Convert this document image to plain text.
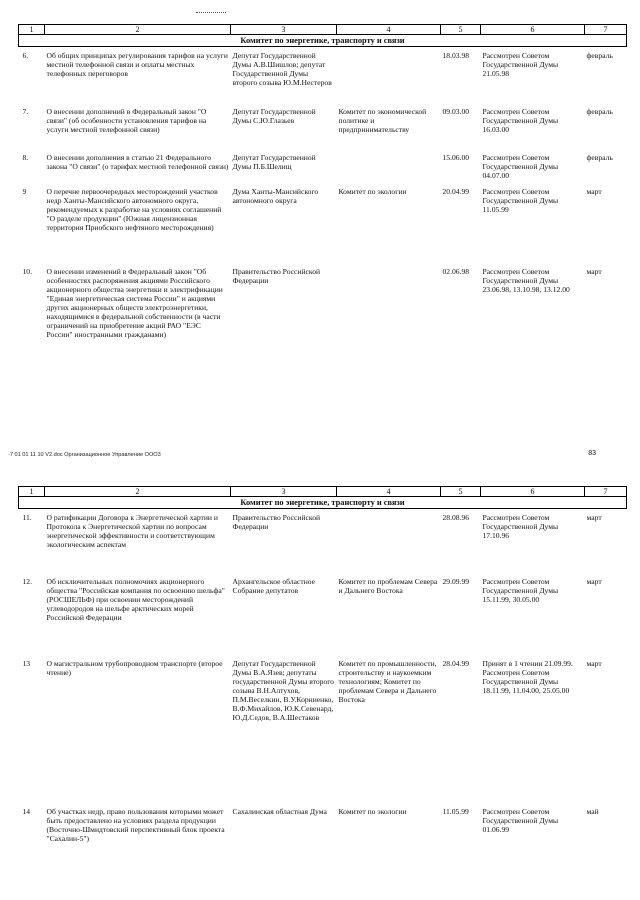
1	2	3	4	5	6	7
Комитет по энергетике, транспорту и связи						
6.	Об общих принципах регулирования тарифов на услуги местной телефонной связи и оплаты местных телефонных переговоров	Депутат Государственной Думы А.В.Шишлов; депутат Государственной Думы второго созыва Ю.М.Нестеров		18.03.98	Рассмотрен Советом Государственной Думы 21.05.98	февраль
7.	О внесении дополнений в Федеральный закон "О связи" (об особенности установления тарифов на услуги местной телефонной связи)	Депутат Государственной Думы С.Ю.Глазьев	Комитет по экономической политике и предпринимательству	09.03.00	Рассмотрен Советом Государственной Думы 16.03.00	февраль
8.	О внесении дополнения в статью 21 Федерального закона "О связи" (о тарифах местной телефонной связи)	Депутат Государственной Думы П.Б.Шелищ		15.06.00	Рассмотрен Советом Государственной Думы 04.07.00	февраль
9	О перечне первоочередных месторождений участков недр Ханты-Мансийского автономного округа, рекомендуемых к разработке на условиях соглашений "О разделе продукции" (Южная лицензионная территория Приобского нефтяного месторождения)	Дума Ханты-Мансийского автономного округа	Комитет по экологии	20.04.99	Рассмотрен Советом Государственной Думы 11.05.99	март
10.	О внесении изменений в Федеральный закон "Об особенностях распоряжения акциями Российского акционерного общества энергетики и электрификации "Единая энергетическая система России" и акциями других акционерных обществ электроэнергетики, находящимися в федеральной собственности (в части ограничений на приобретение акций РАО "ЕЭС России" иностранными гражданами)	Правительство Российской Федерации		02.06.98	Рассмотрен Советом Государственной Думы 23.06.98, 13.10.98, 13.12.00	март
·7 01 01 11 10 V2.doc Организационное Управление ООО3	83
1	2	3	4	5	6	7
Комитет по энергетике, транспорту и связи						
11.	О ратификации Договора к Энергетической хартии и Протокола к Энергетической хартии по вопросам энергетической эффективности и соответствующим экологическим аспектам	Правительство Российской Федерации		28.08.96	Рассмотрен Советом Государственной Думы 17.10.96	март
12.	Об исключительных полномочиях акционерного общества "Российская компания по освоению шельфа" (РОСШЕЛЬФ) при освоении месторождений углеводородов на шельфе арктических морей Российской Федерации	Архангельское областное Собрание депутатов	Комитет по проблемам Севера и Дальнего Востока	29.09.99	Рассмотрен Советом Государственной Думы 15.11.99, 30.05.00	март
13	О магистральном трубопроводном транспорте (второе чтение)	Депутат Государственной Думы В.А.Язев; депутаты государственной Думы второго созыва В.Н.Алтухов, П.М.Веселкин, В.У.Корниенко, В.Ф.Михайлов, Ю.К.Севенард, Ю.Д.Седов, В.А.Шестаков	Комитет по промышленности, строительству и наукоемким технологиям; Комитет по проблемам Севера и Дальнего Востока	28.04.99	Принят в 1 чтении 21.09.99. Рассмотрен Советом Государственной Думы 18.11.99, 11.04.00, 25.05.00	март
14	Об участках недр, право пользования которыми может быть предоставлено на условиях раздела продукции (Восточно-Шмидтовский перспективный блок проекта "Сахалин-5")	Сахалинская областная Дума	Комитет по экологии	11.05.99	Рассмотрен Советом Государственной Думы 01.06.99	май
